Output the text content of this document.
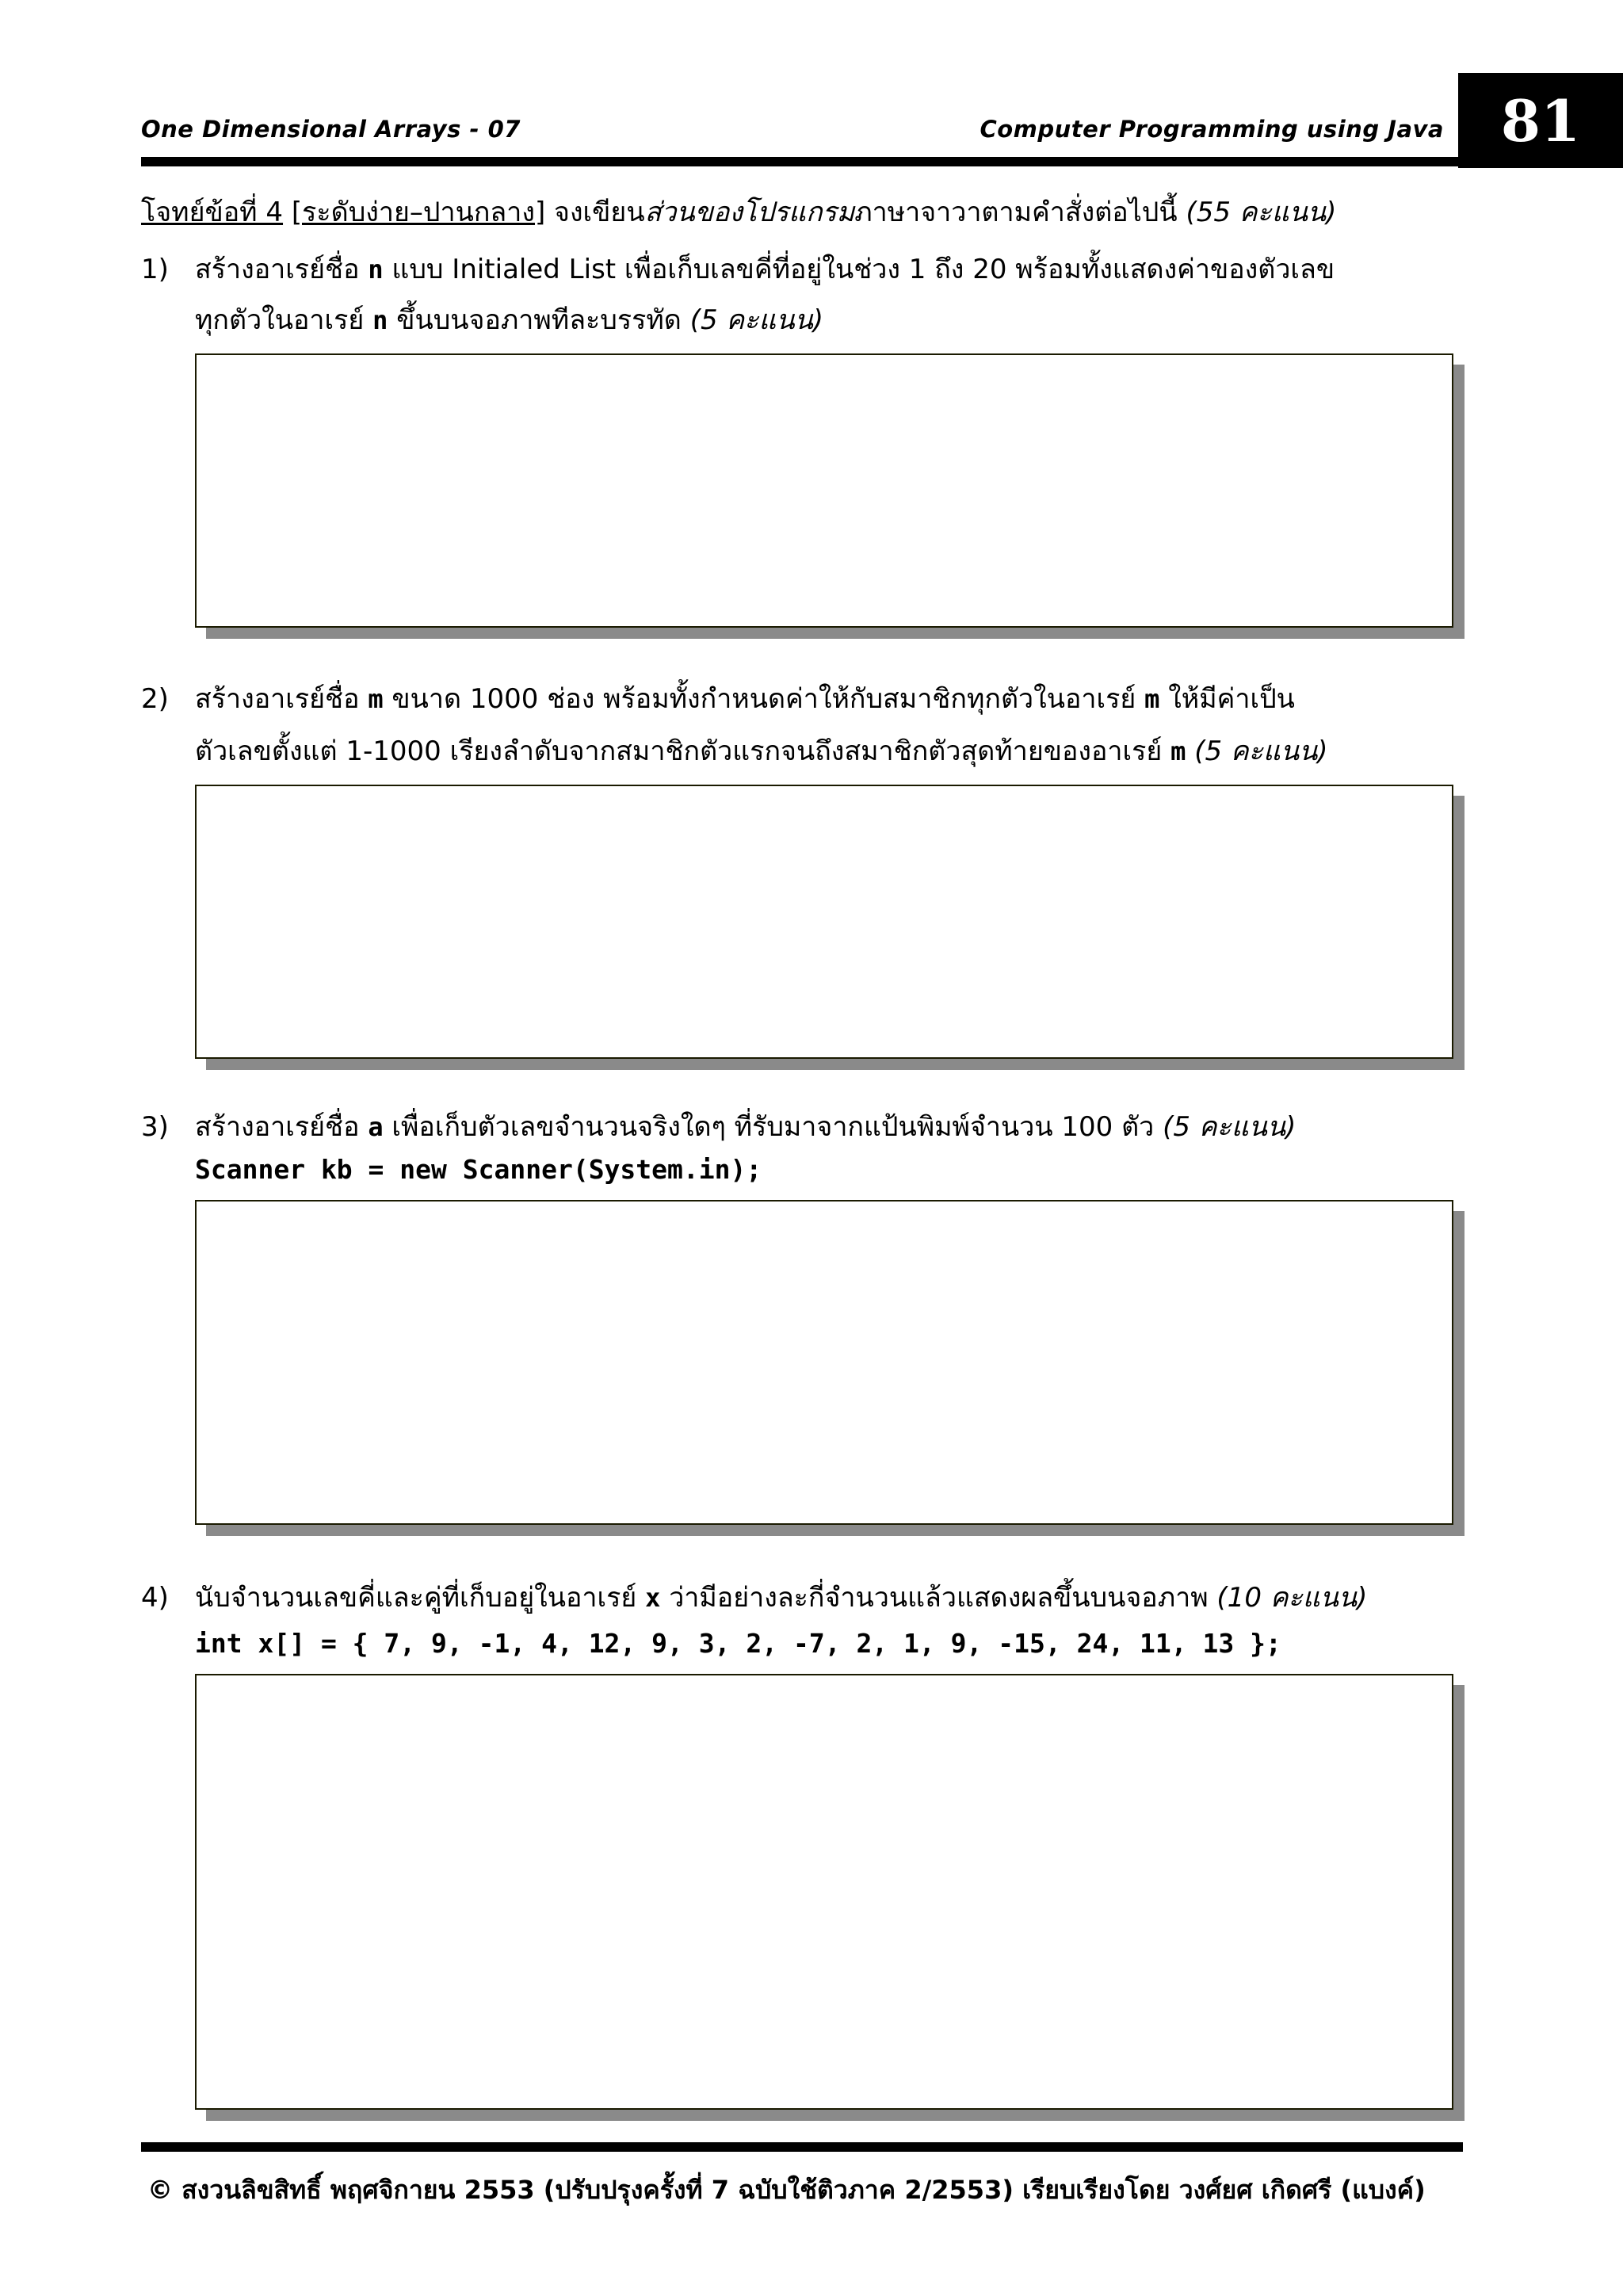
One Dimensional Arrays - 07	Computer Programming using Java 81
โจทย์ข้อที่ 4 [ระดับง่าย–ปานกลาง] จงเขียนส่วนของโปรแกรมภาษาจาวาตามคำสั่งต่อไปนี้ (55 คะแนน)
1) สร้างอาเรย์ชื่อ n แบบ Initialed List เพื่อเก็บเลขคี่ที่อยู่ในช่วง 1 ถึง 20 พร้อมทั้งแสดงค่าของตัวเลข
ทุกตัวในอาเรย์ n ขึ้นบนจอภาพทีละบรรทัด (5 คะแนน)
2) สร้างอาเรย์ชื่อ m ขนาด 1000 ช่อง พร้อมทั้งกำหนดค่าให้กับสมาชิกทุกตัวในอาเรย์ m ให้มีค่าเป็น
ตัวเลขตั้งแต่ 1-1000 เรียงลำดับจากสมาชิกตัวแรกจนถึงสมาชิกตัวสุดท้ายของอาเรย์ m (5 คะแนน)
3) สร้างอาเรย์ชื่อ a เพื่อเก็บตัวเลขจำนวนจริงใดๆ ที่รับมาจากแป้นพิมพ์จำนวน 100 ตัว (5 คะแนน)
Scanner kb = new Scanner(System.in);
4) นับจำนวนเลขคี่และคู่ที่เก็บอยู่ในอาเรย์ x ว่ามีอย่างละกี่จำนวนแล้วแสดงผลขึ้นบนจอภาพ (10 คะแนน)
int x[] = { 7, 9, -1, 4, 12, 9, 3, 2, -7, 2, 1, 9, -15, 24, 11, 13 };
© สงวนลิขสิทธิ์ พฤศจิกายน 2553 (ปรับปรุงครั้งที่ 7 ฉบับใช้ติวภาค 2/2553) เรียบเรียงโดย วงศ์ยศ เกิดศรี (แบงค์)
